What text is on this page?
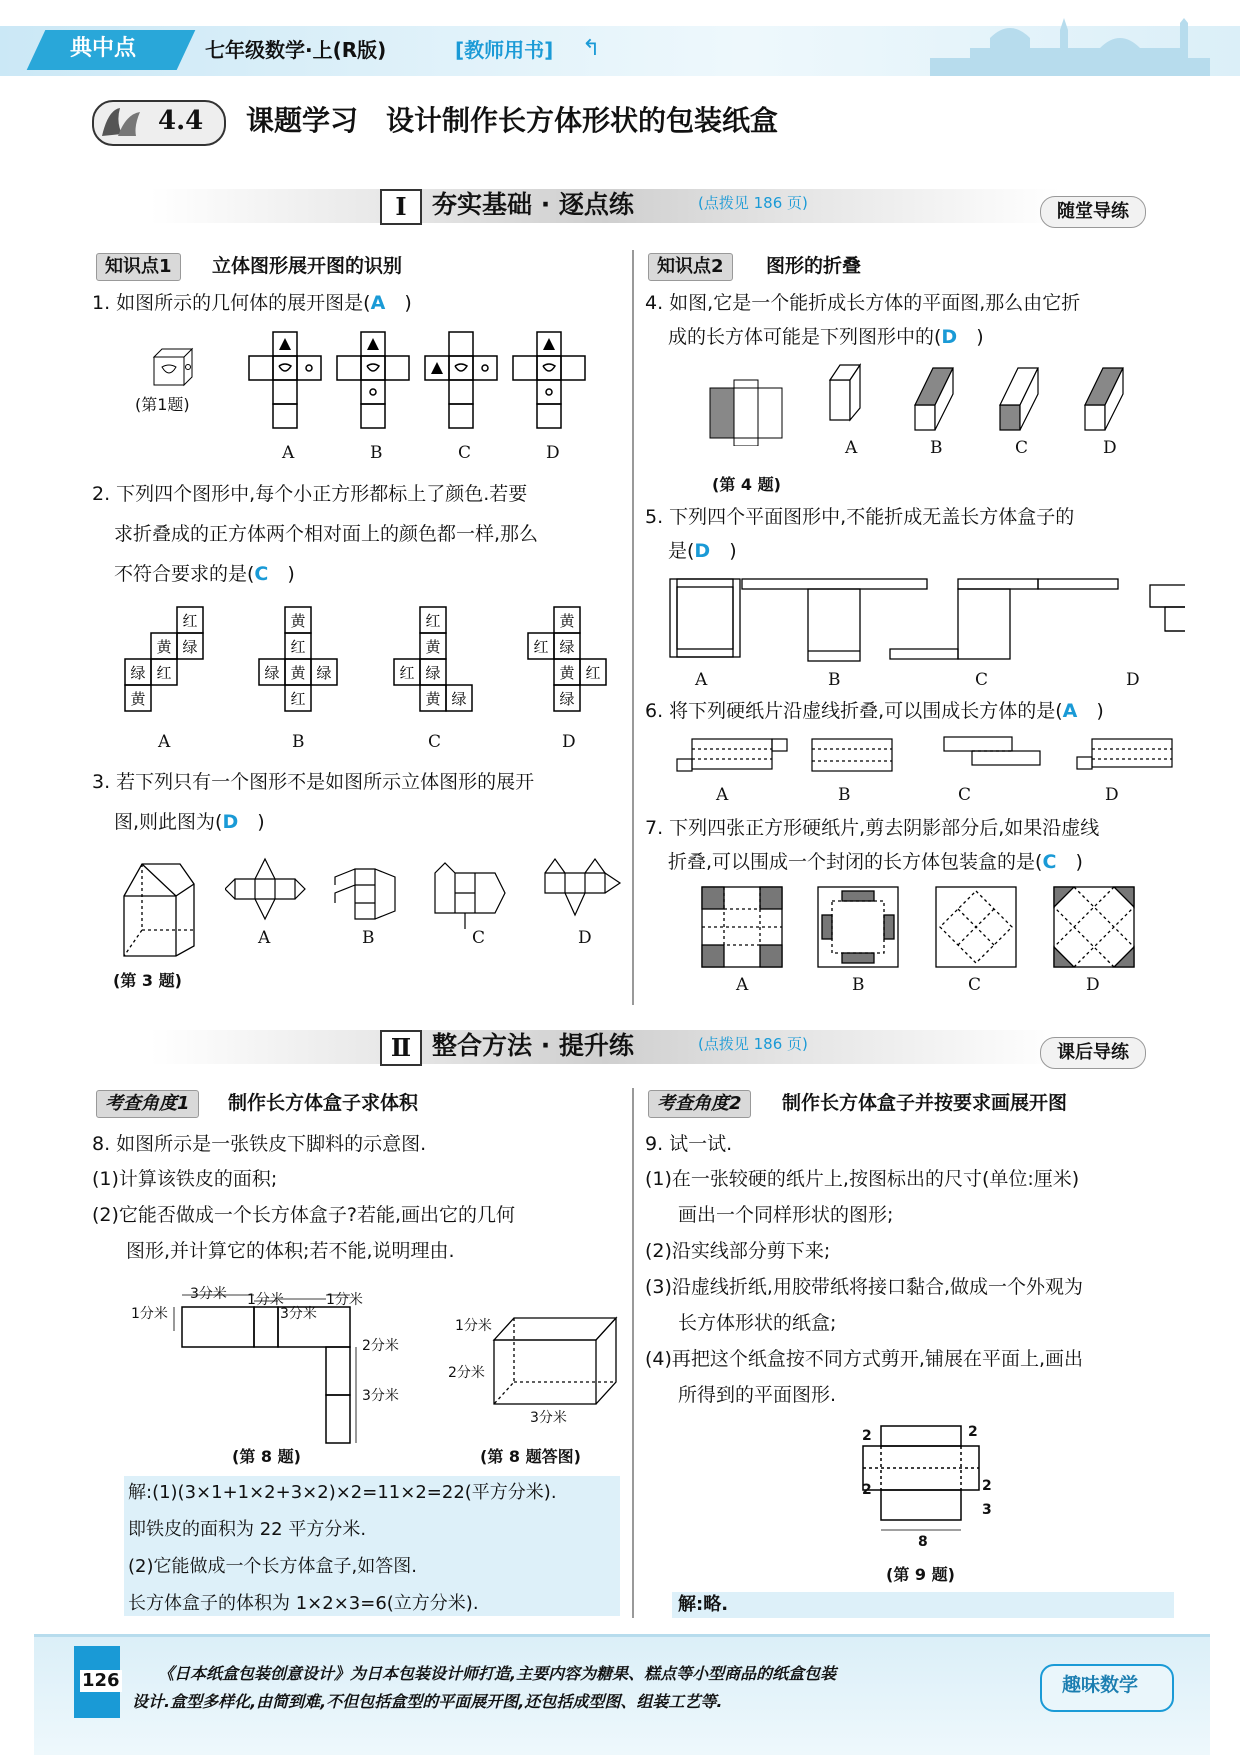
典中点	七年级数学·上(R版)	[教师用书] ↰
4.4 课题学习　设计制作长方体形状的包装纸盒
Ⅰ	夯实基础 · 逐点练	(点拨见 186 页)	随堂导练
知识点1	立体图形展开图的识别
1. 如图所示的几何体的展开图是(A　 )
(第1题)
A	B	C	D
2. 下列四个图形中,每个小正方形都标上了颜色.若要
求折叠成的正方体两个相对面上的颜色都一样,那么
不符合要求的是(C　 )
红
黄 绿
绿 红
黄
黄
红
绿 黄 绿
红
红
黄
红 绿
黄 绿
黄
红 绿
黄 红
绿
A	B	C	D
3. 若下列只有一个图形不是如图所示立体图形的展开
图,则此图为(D　 )
(第 3 题)
A	B	C	D
知识点2	图形的折叠
4. 如图,它是一个能折成长方体的平面图,那么由它折
成的长方体可能是下列图形中的(D　 )
(第 4 题)
A	B	C	D
5. 下列四个平面图形中,不能折成无盖长方体盒子的
是(D　 )
A	B	C	D
6. 将下列硬纸片沿虚线折叠,可以围成长方体的是(A　 )
A	B	C	D
7. 下列四张正方形硬纸片,剪去阴影部分后,如果沿虚线
折叠,可以围成一个封闭的长方体包装盒的是(C　 )
A	B	C	D
Ⅱ 整合方法 · 提升练	(点拨见 186 页)	课后导练
考查角度1	制作长方体盒子求体积
8. 如图所示是一张铁皮下脚料的示意图.
(1)计算该铁皮的面积;
(2)它能否做成一个长方体盒子?若能,画出它的几何
图形,并计算它的体积;若不能,说明理由.
3分米
1分米
1分米
3分米
1分米
2分米
3分米
(第 8 题)
1分米
2分米
3分米
(第 8 题答图)
解:(1)(3×1+1×2+3×2)×2=11×2=22(平方分米).
即铁皮的面积为 22 平方分米.
(2)它能做成一个长方体盒子,如答图.
长方体盒子的体积为 1×2×3=6(立方分米).
考查角度2	制作长方体盒子并按要求画展开图
9. 试一试.
(1)在一张较硬的纸片上,按图标出的尺寸(单位:厘米)
画出一个同样形状的图形;
(2)沿实线部分剪下来;
(3)沿虚线折纸,用胶带纸将接口黏合,做成一个外观为
长方体形状的纸盒;
(4)再把这个纸盒按不同方式剪开,铺展在平面上,画出
所得到的平面图形.
2	2
2	2
3
8
(第 9 题)
解:略.
126 《日本纸盒包装创意设计》为日本包装设计师打造,主要内容为糖果、糕点等小型商品的纸盒包装
设计.盒型多样化,由简到难,不但包括盒型的平面展开图,还包括成型图、组装工艺等.
趣味数学
